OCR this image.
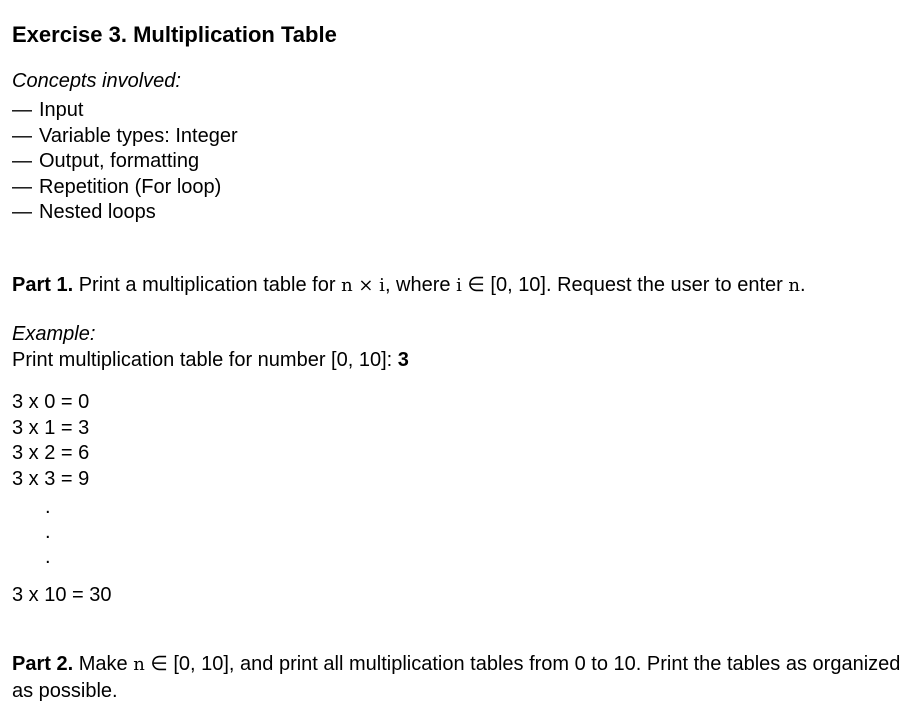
Exercise 3. Multiplication Table
Concepts involved:
— Input
— Variable types: Integer
— Output, formatting
— Repetition (For loop)
— Nested loops
Part 1. Print a multiplication table for n × i, where i ∈ [0, 10]. Request the user to enter n.
Example:
Print multiplication table for number [0, 10]: 3
3 x 0 = 0
3 x 1 = 3
3 x 2 = 6
3 x 3 = 9
.
.
.
3 x 10 = 30
Part 2. Make n ∈ [0, 10], and print all multiplication tables from 0 to 10. Print the tables as organized as possible.
